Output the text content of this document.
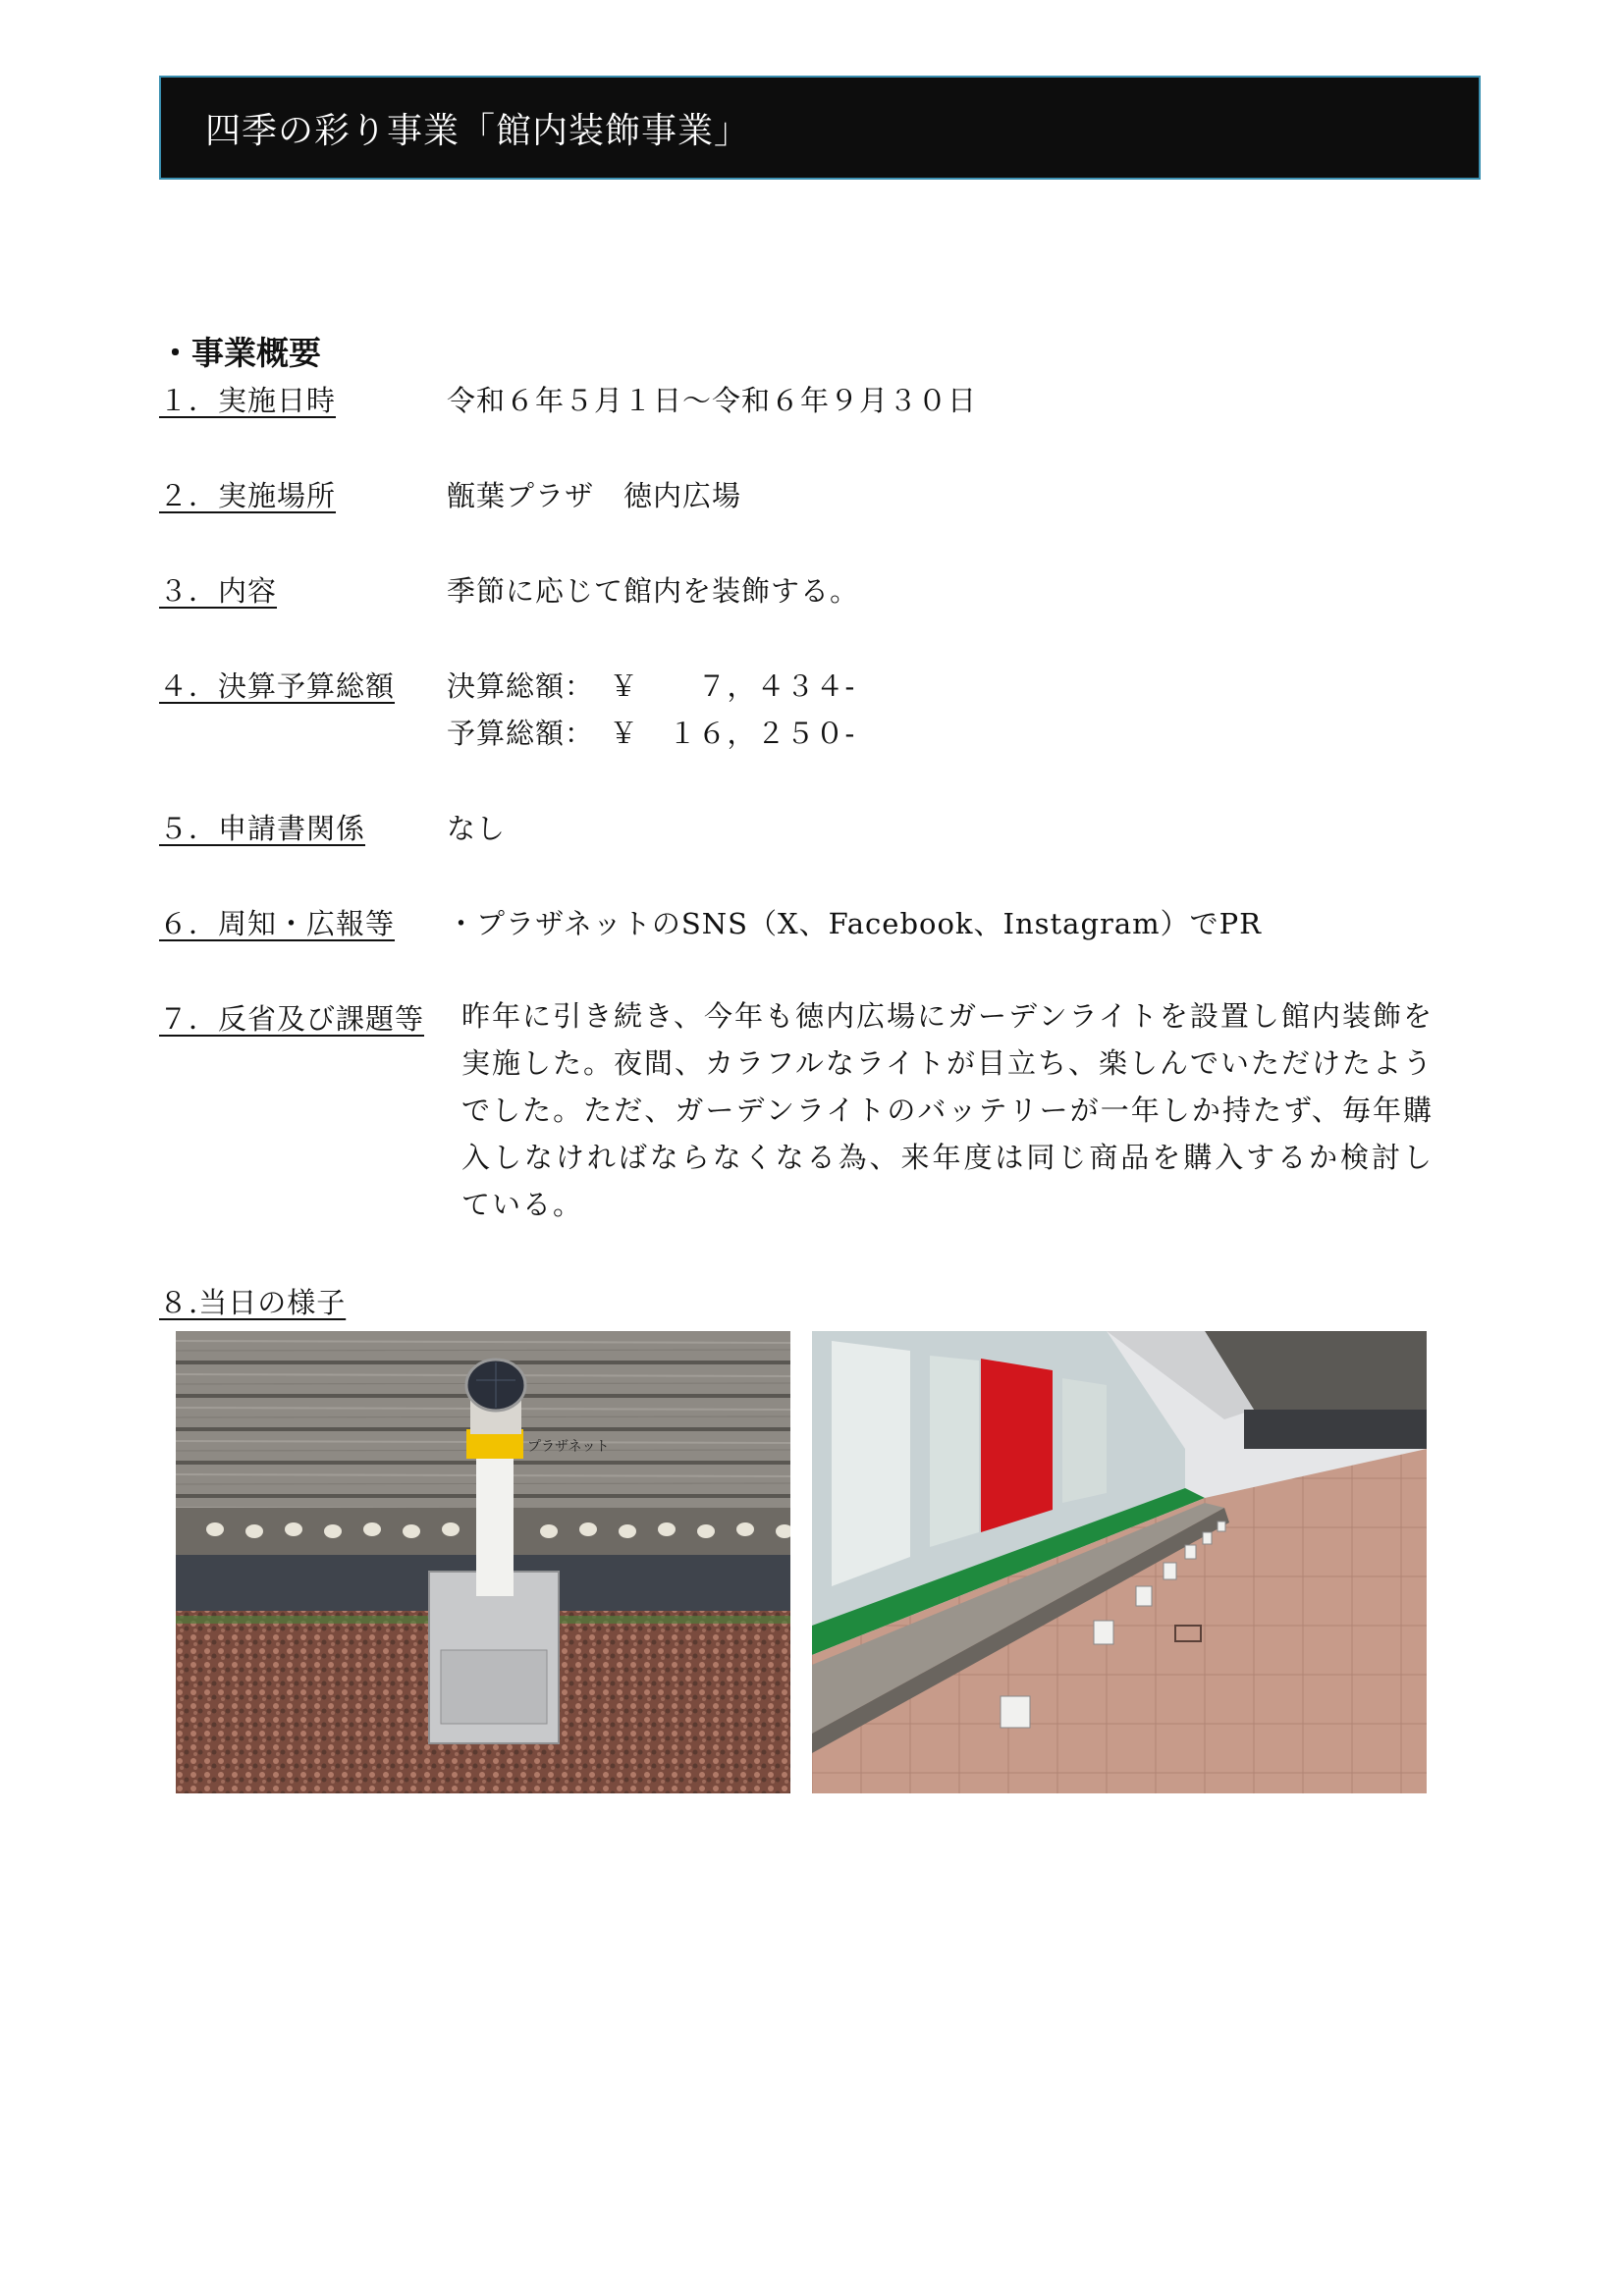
四季の彩り事業「館内装飾事業」
・事業概要
１．実施日時	令和６年５月１日～令和６年９月３０日
２．実施場所	甑葉プラザ　徳内広場
３．内容	季節に応じて館内を装飾する。
４．決算予算総額 決算総額：　￥　　７，４３４-
予算総額：　￥　１６，２５０-
５．申請書関係	なし
６．周知・広報等 ・プラザネットのSNS（X、Facebook、Instagram）でPR
７．反省及び課題等 昨年に引き続き、今年も徳内広場にガーデンライトを設置し館内装飾を実施した。夜間、カラフルなライトが目立ち、楽しんでいただけたようでした。ただ、ガーデンライトのバッテリーが一年しか持たず、毎年購入しなければならなくなる為、来年度は同じ商品を購入するか検討している。
８.当日の様子
プラザネット
